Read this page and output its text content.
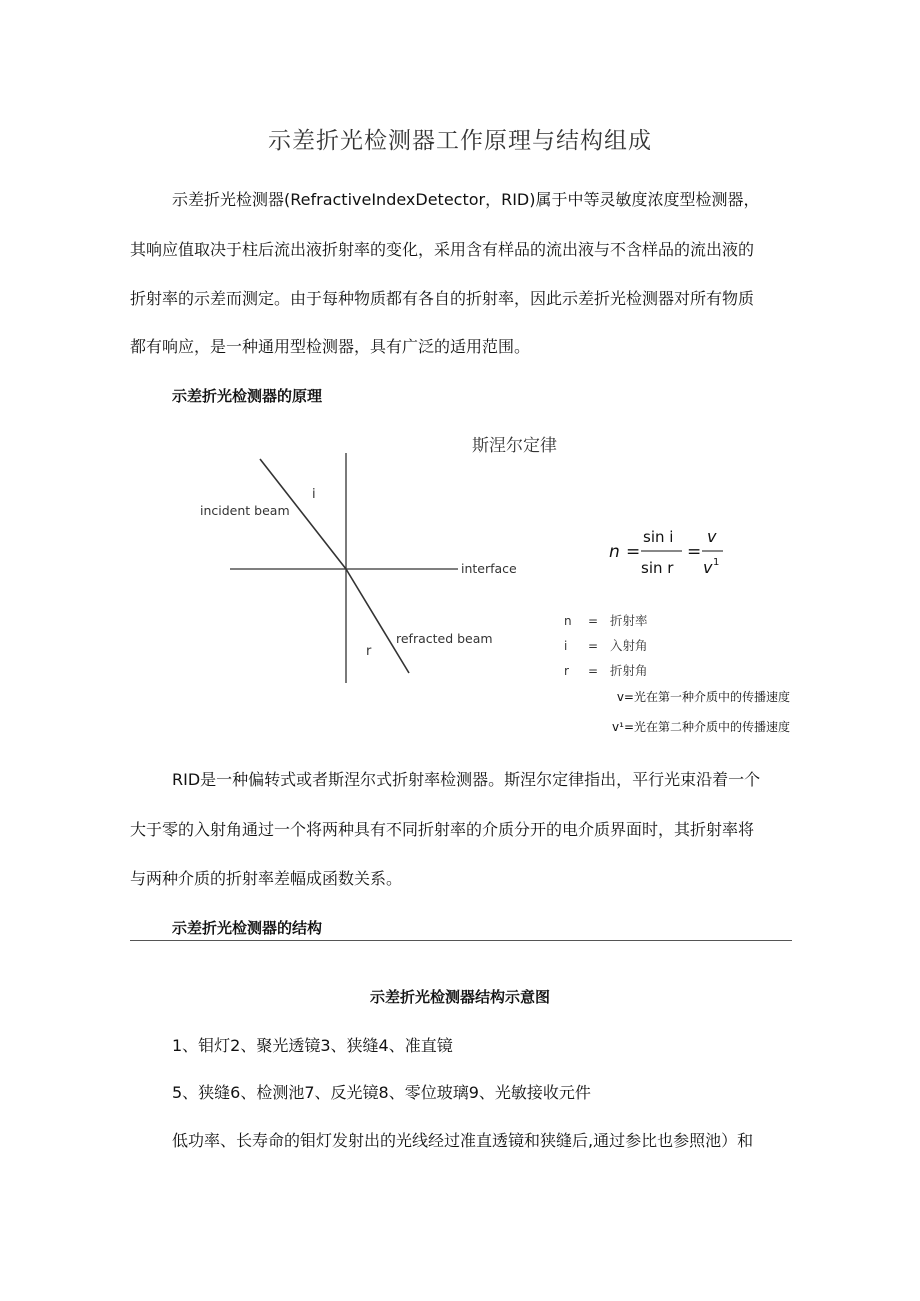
示差折光检测器工作原理与结构组成

示差折光检测器(RefractiveIndexDetector，RID)属于中等灵敏度浓度型检测器，

其响应值取决于柱后流出液折射率的变化，采用含有样品的流出液与不含样品的流出液的

折射率的示差而测定。由于每种物质都有各自的折射率，因此示差折光检测器对所有物质

都有响应，是一种通用型检测器，具有广泛的适用范围。

示差折光检测器的原理
incident beam
i
interface
refracted beam
r
斯涅尔定律
n =
sin i
sin r
=
v
v 1
n = 折射率
i = 入射角
r = 折射角
v=光在第一种介质中的传播速度
v¹=光在第二种介质中的传播速度

RID是一种偏转式或者斯涅尔式折射率检测器。斯涅尔定律指出，平行光束沿着一个

大于零的入射角通过一个将两种具有不同折射率的介质分开的电介质界面时，其折射率将

与两种介质的折射率差幅成函数关系。

示差折光检测器的结构
示差折光检测器结构示意图

1、钼灯2、聚光透镜3、狭缝4、准直镜

5、狭缝6、检测池7、反光镜8、零位玻璃9、光敏接收元件

低功率、长寿命的钼灯发射出的光线经过准直透镜和狭缝后,通过参比也参照池）和
